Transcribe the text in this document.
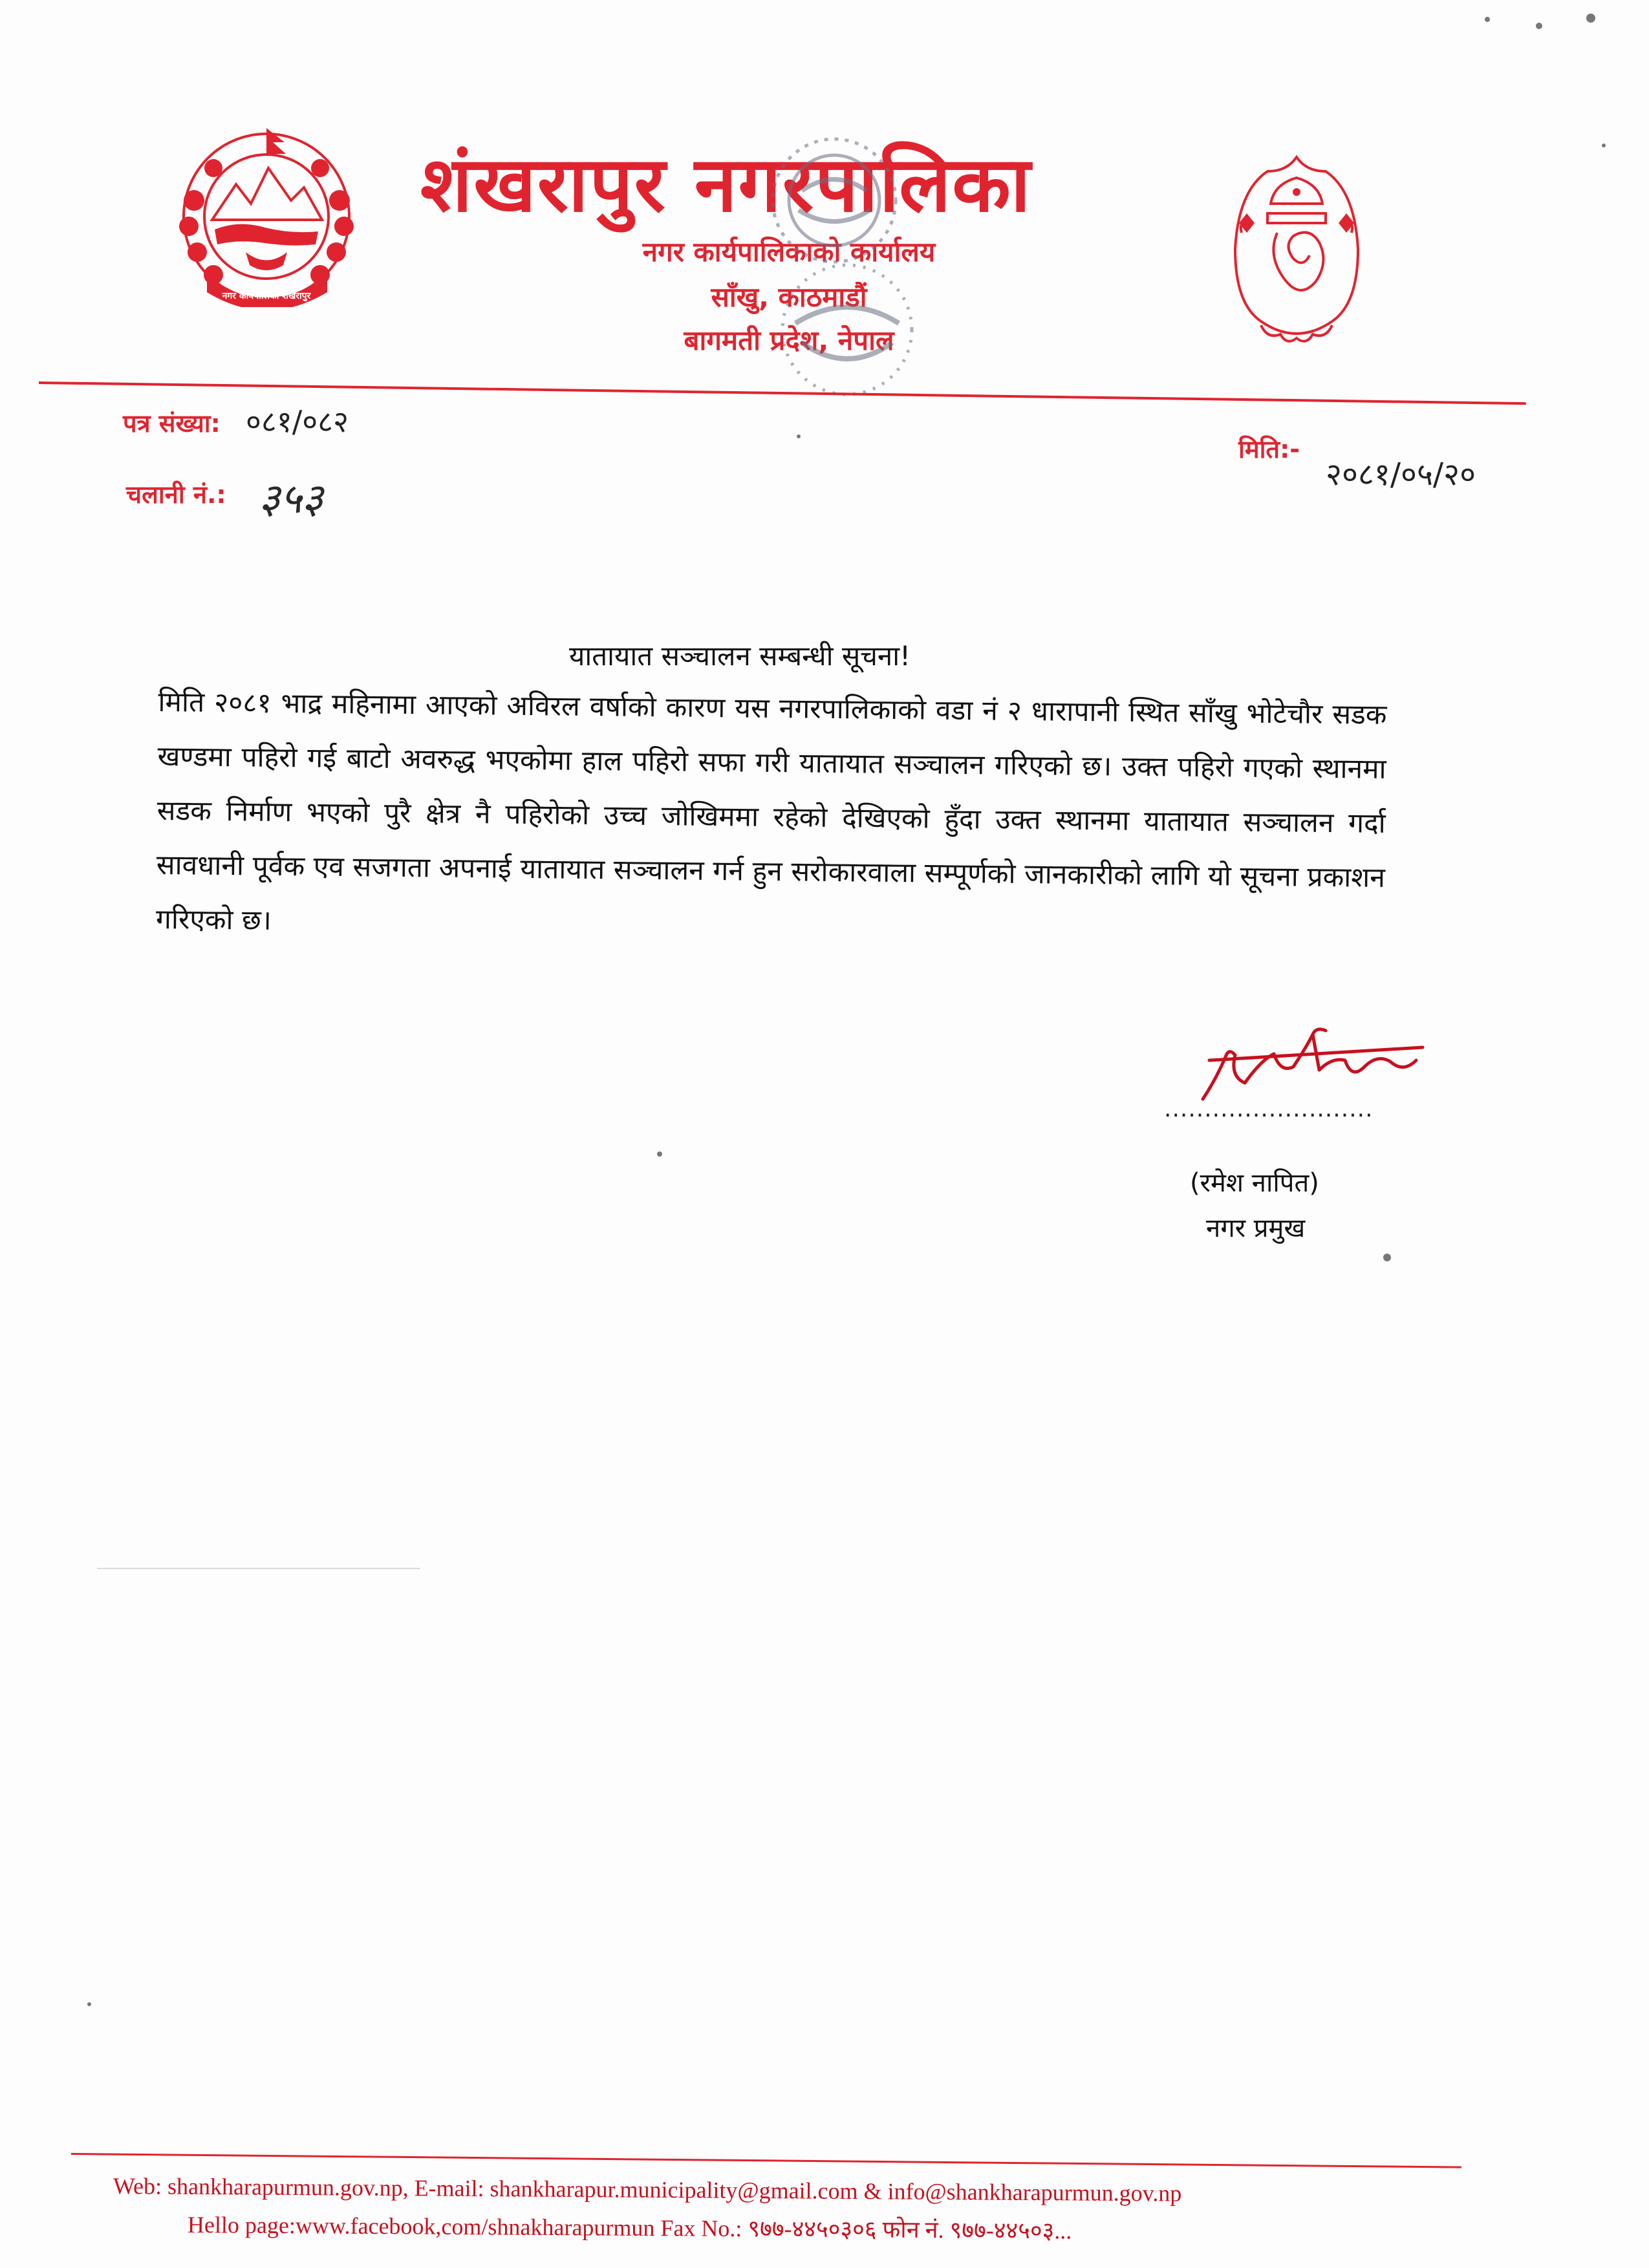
नगर कार्यपालिका शंखरापुर
शंखरापुर नगरपालिका
नगर कार्यपालिकाको कार्यालय
साँखु, काठमाडौं
बागमती प्रदेश, नेपाल
पत्र संख्या: ०८१/०८२
मिति:-
२०८१/०५/२०
चलानी नं.: ३५३
यातायात सञ्चालन सम्बन्धी सूचना!
मिति २०८१ भाद्र महिनामा आएको अविरल वर्षाको कारण यस नगरपालिकाको वडा नं २ धारापानी स्थित साँखु भोटेचौर सडक खण्डमा पहिरो गई बाटो अवरुद्ध भएकोमा हाल पहिरो सफा गरी यातायात सञ्चालन गरिएको छ। उक्त पहिरो गएको स्थानमा सडक निर्माण भएको पुरै क्षेत्र नै पहिरोको उच्च जोखिममा रहेको देखिएको हुँदा उक्त स्थानमा यातायात सञ्चालन गर्दा सावधानी पूर्वक एव सजगता अपनाई यातायात सञ्चालन गर्न हुन सरोकारवाला सम्पूर्णको जानकारीको लागि यो सूचना प्रकाशन गरिएको छ।
..........................
(रमेश नापित)
नगर प्रमुख
Web: shankharapurmun.gov.np, E-mail: shankharapur.municipality@gmail.com & info@shankharapurmun.gov.np
Hello page:www.facebook,com/shnakharapurmun Fax No.: ९७७-४४५०३०६ फोन नं. ९७७-४४५०३...
